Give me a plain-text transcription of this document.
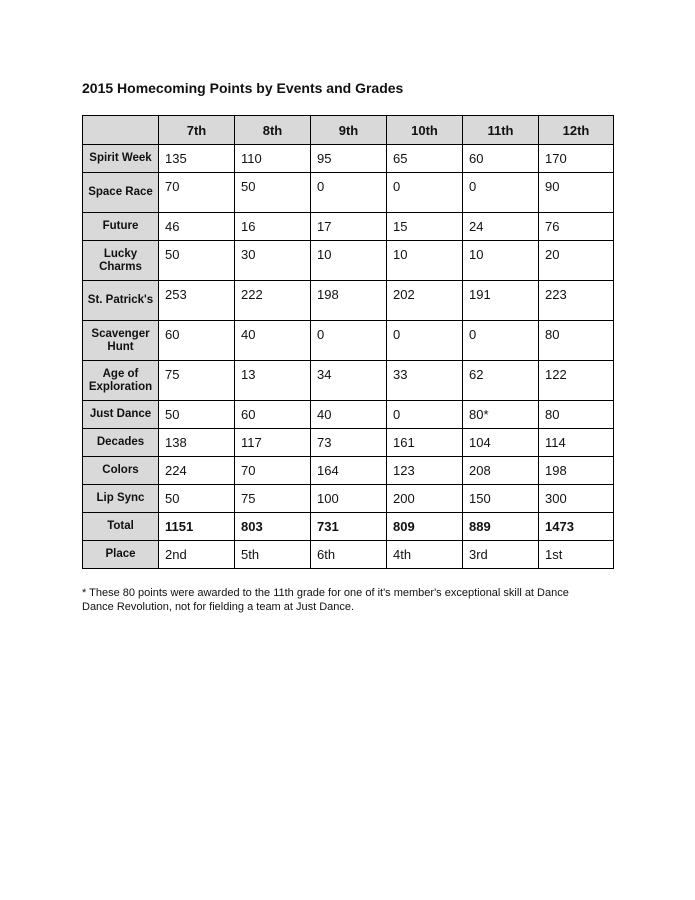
2015 Homecoming Points by Events and Grades
	7th	8th	9th	10th	11th	12th
Spirit Week	135	110	95	65	60	170
Space Race	70	50	0	0	0	90
Future	46	16	17	15	24	76
Lucky Charms	50	30	10	10	10	20
St. Patrick's	253	222	198	202	191	223
Scavenger Hunt	60	40	0	0	0	80
Age of Exploration	75	13	34	33	62	122
Just Dance	50	60	40	0	80*	80
Decades	138	117	73	161	104	114
Colors	224	70	164	123	208	198
Lip Sync	50	75	100	200	150	300
Total	1151	803	731	809	889	1473
Place	2nd	5th	6th	4th	3rd	1st
* These 80 points were awarded to the 11th grade for one of it's member's exceptional skill at Dance Dance Revolution, not for fielding a team at Just Dance.
